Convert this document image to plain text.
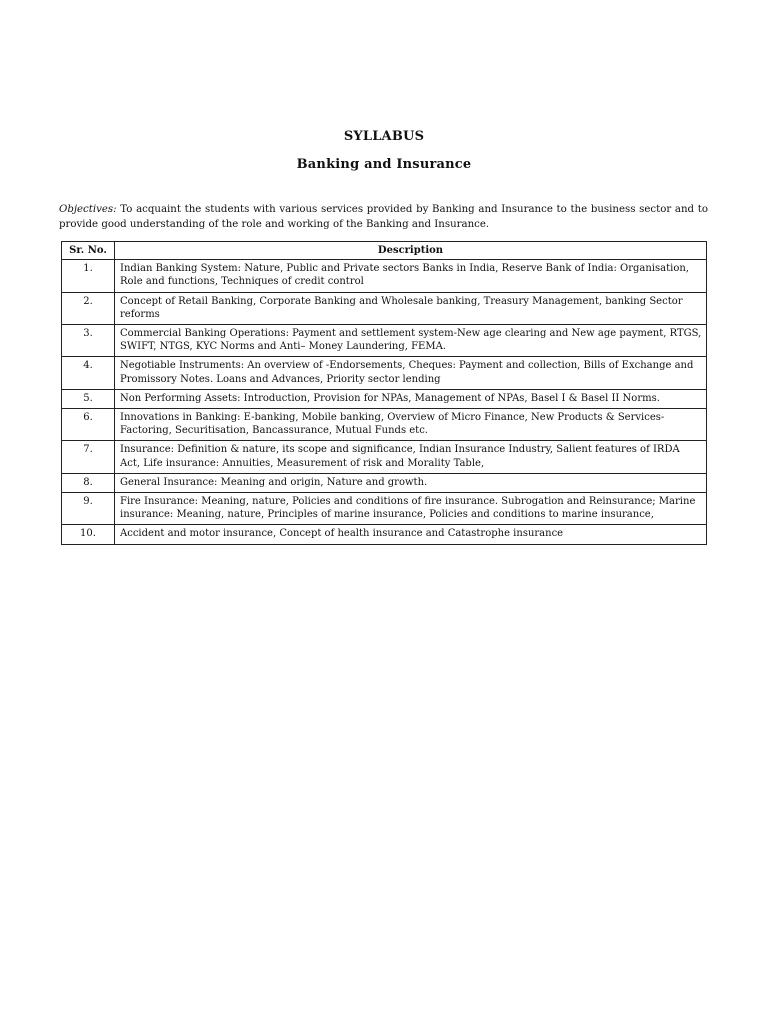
SYLLABUS
Banking and Insurance
Objectives: To acquaint the students with various services provided by Banking and Insurance to the business sector and to provide good understanding of the role and working of the Banking and Insurance.
Sr. No.	Description
1.	Indian Banking System: Nature, Public and Private sectors Banks in India, Reserve Bank of India: Organisation, Role and functions, Techniques of credit control
2.	Concept of Retail Banking, Corporate Banking and Wholesale banking, Treasury Management, banking Sector reforms
3.	Commercial Banking Operations: Payment and settlement system-New age clearing and New age payment, RTGS, SWIFT, NTGS, KYC Norms and Anti– Money Laundering, FEMA.
4.	Negotiable Instruments: An overview of -Endorsements, Cheques: Payment and collection, Bills of Exchange and Promissory Notes. Loans and Advances, Priority sector lending
5.	Non Performing Assets: Introduction, Provision for NPAs, Management of NPAs, Basel I & Basel II Norms.
6.	Innovations in Banking: E-banking, Mobile banking, Overview of Micro Finance, New Products & Services-Factoring, Securitisation, Bancassurance, Mutual Funds etc.
7.	Insurance: Definition & nature, its scope and significance, Indian Insurance Industry, Salient features of IRDA Act, Life insurance: Annuities, Measurement of risk and Morality Table,
8.	General Insurance: Meaning and origin, Nature and growth.
9.	Fire Insurance: Meaning, nature, Policies and conditions of fire insurance. Subrogation and Reinsurance; Marine insurance: Meaning, nature, Principles of marine insurance, Policies and conditions to marine insurance,
10.	Accident and motor insurance, Concept of health insurance and Catastrophe insurance
